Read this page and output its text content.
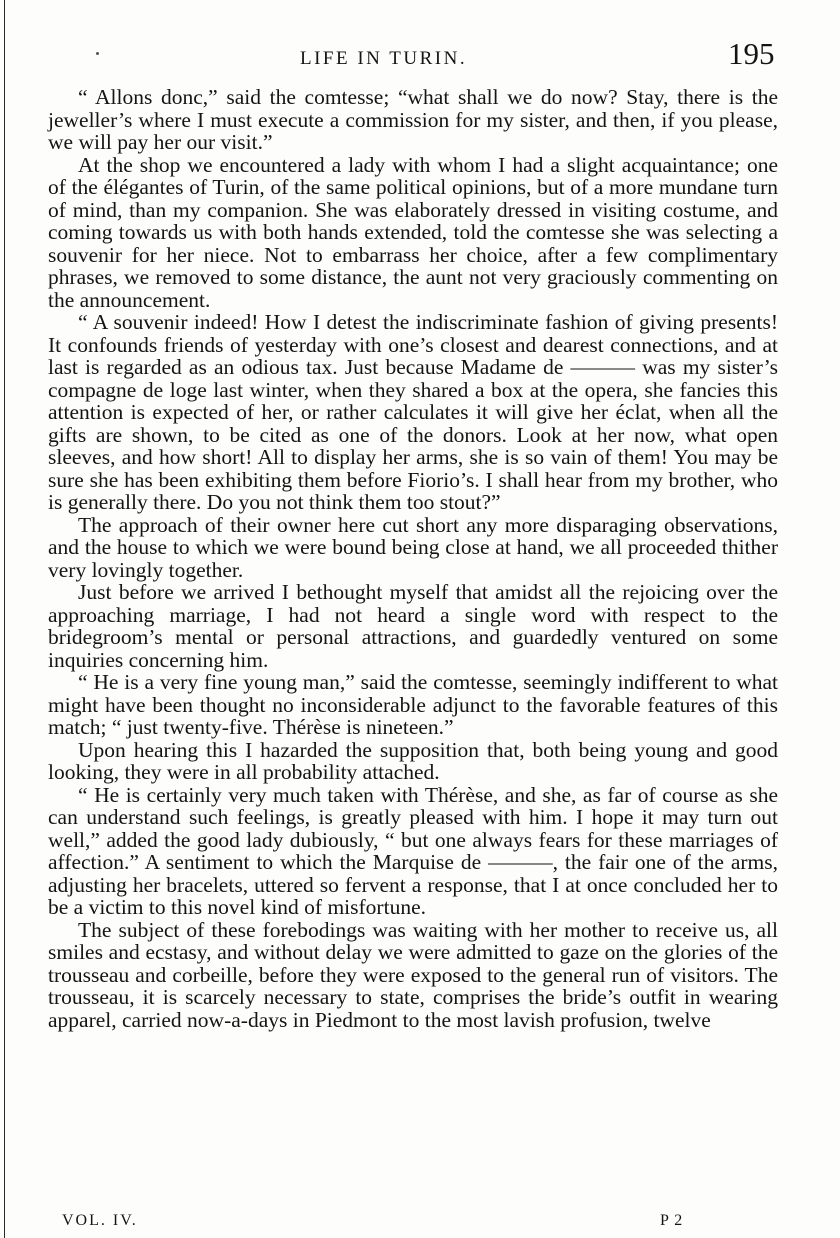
LIFE IN TURIN.	195

“ Allons donc,” said the comtesse; “what shall we do now? Stay, there is the jeweller’s where I must execute a commission for my sister, and then, if you please, we will pay her our visit.”

At the shop we encountered a lady with whom I had a slight acquaintance; one of the élégantes of Turin, of the same political opinions, but of a more mundane turn of mind, than my companion. She was elaborately dressed in visiting costume, and coming towards us with both hands extended, told the comtesse she was selecting a souvenir for her niece. Not to embarrass her choice, after a few complimentary phrases, we removed to some distance, the aunt not very graciously commenting on the announcement.

“ A souvenir indeed! How I detest the indiscriminate fashion of giving presents! It confounds friends of yesterday with one’s closest and dearest connections, and at last is regarded as an odious tax. Just because Madame de ——— was my sister’s compagne de loge last winter, when they shared a box at the opera, she fancies this attention is expected of her, or rather calculates it will give her éclat, when all the gifts are shown, to be cited as one of the donors. Look at her now, what open sleeves, and how short! All to display her arms, she is so vain of them! You may be sure she has been exhibiting them before Fiorio’s. I shall hear from my brother, who is generally there. Do you not think them too stout?”

The approach of their owner here cut short any more disparaging observations, and the house to which we were bound being close at hand, we all proceeded thither very lovingly together.

Just before we arrived I bethought myself that amidst all the rejoicing over the approaching marriage, I had not heard a single word with respect to the bridegroom’s mental or personal attractions, and guardedly ventured on some inquiries concerning him.

“ He is a very fine young man,” said the comtesse, seemingly indifferent to what might have been thought no inconsiderable adjunct to the favorable features of this match; “ just twenty-five. Thérèse is nineteen.”

Upon hearing this I hazarded the supposition that, both being young and good looking, they were in all probability attached.

“ He is certainly very much taken with Thérèse, and she, as far of course as she can understand such feelings, is greatly pleased with him. I hope it may turn out well,” added the good lady dubiously, “ but one always fears for these marriages of affection.” A sentiment to which the Marquise de ———, the fair one of the arms, adjusting her bracelets, uttered so fervent a response, that I at once concluded her to be a victim to this novel kind of misfortune.

The subject of these forebodings was waiting with her mother to receive us, all smiles and ecstasy, and without delay we were admitted to gaze on the glories of the trousseau and corbeille, before they were exposed to the general run of visitors. The trousseau, it is scarcely necessary to state, comprises the bride’s outfit in wearing apparel, carried now-a-days in Piedmont to the most lavish profusion, twelve

VOL. IV.	P 2
